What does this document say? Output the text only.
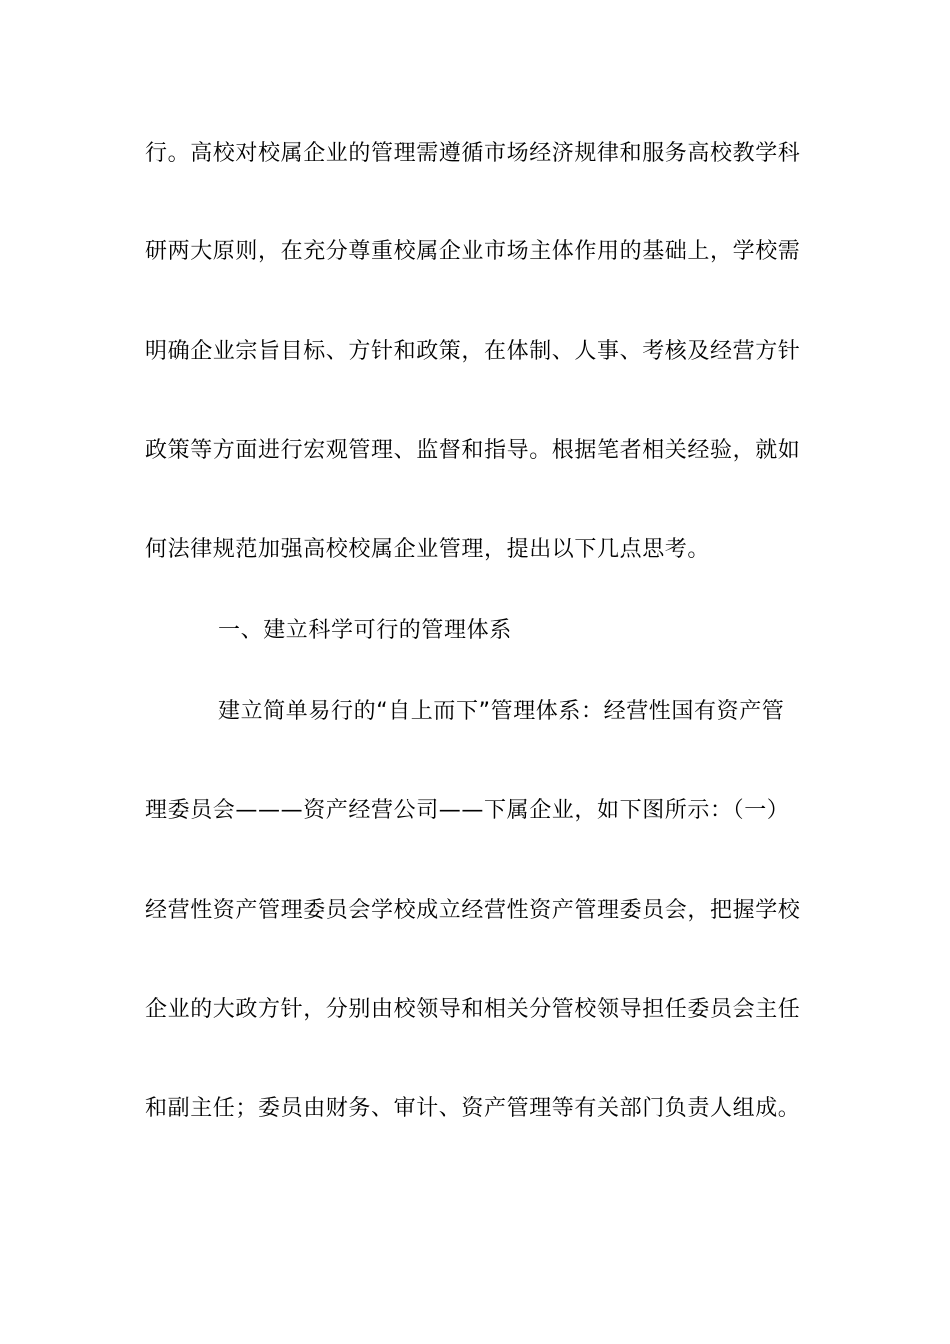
行。高校对校属企业的管理需遵循市场经济规律和服务高校教学科
研两大原则，在充分尊重校属企业市场主体作用的基础上，学校需
明确企业宗旨目标、方针和政策，在体制、人事、考核及经营方针
政策等方面进行宏观管理、监督和指导。根据笔者相关经验，就如
何法律规范加强高校校属企业管理，提出以下几点思考。
一、建立科学可行的管理体系
建立简单易行的“自上而下”管理体系：经营性国有资产管
理委员会———资产经营公司——下属企业，如下图所示：（一）
经营性资产管理委员会学校成立经营性资产管理委员会，把握学校
企业的大政方针，分别由校领导和相关分管校领导担任委员会主任
和副主任；委员由财务、审计、资产管理等有关部门负责人组成。
